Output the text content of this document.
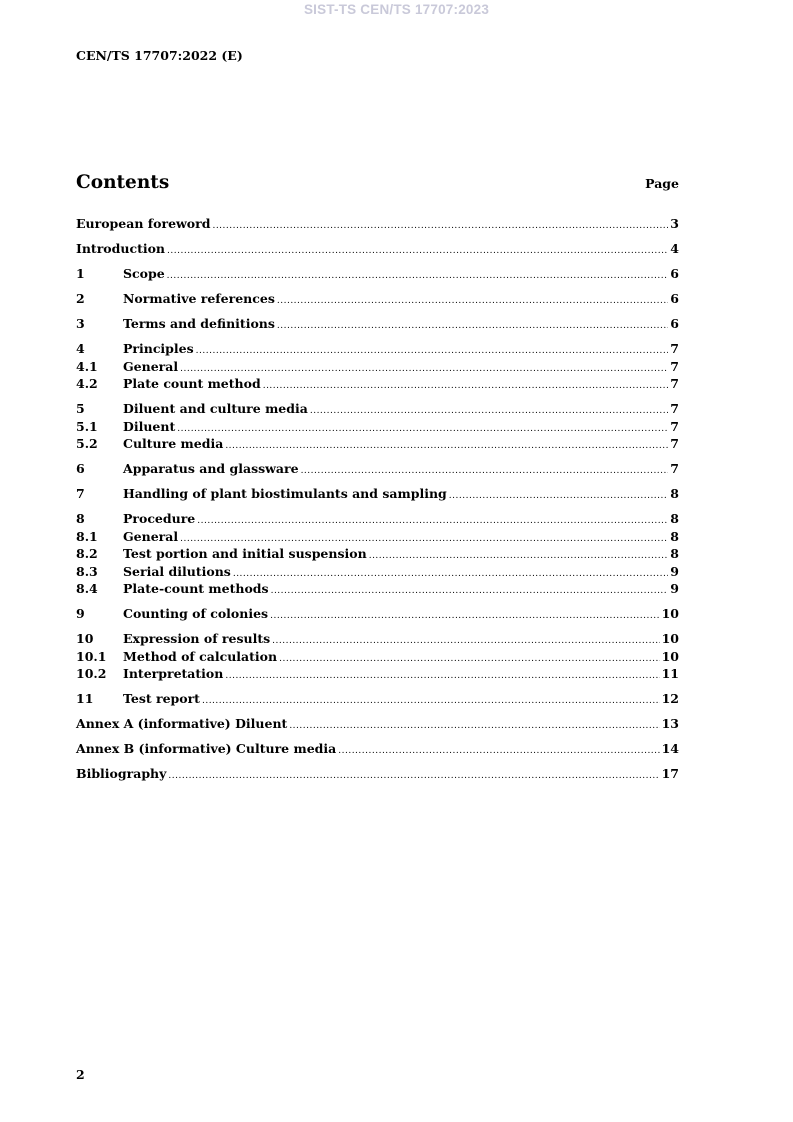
SIST-TS CEN/TS 17707:2023
CEN/TS 17707:2022 (E)
Contents	Page
European foreword .....	3
Introduction .....	4
1	Scope .....	6
2	Normative references .....	6
3	Terms and definitions .....	6
4	Principles .....	7
4.1	General .....	7
4.2	Plate count method .....	7
5	Diluent and culture media .....	7
5.1	Diluent .....	7
5.2	Culture media .....	7
6	Apparatus and glassware .....	7
7	Handling of plant biostimulants and sampling .....	8
8	Procedure .....	8
8.1	General .....	8
8.2	Test portion and initial suspension .....	8
8.3	Serial dilutions .....	9
8.4	Plate-count methods .....	9
9	Counting of colonies .....	10
10	Expression of results .....	10
10.1	Method of calculation .....	10
10.2	Interpretation .....	11
11	Test report .....	12
Annex A (informative) Diluent .....	13
Annex B (informative) Culture media .....	14
Bibliography .....	17
2
